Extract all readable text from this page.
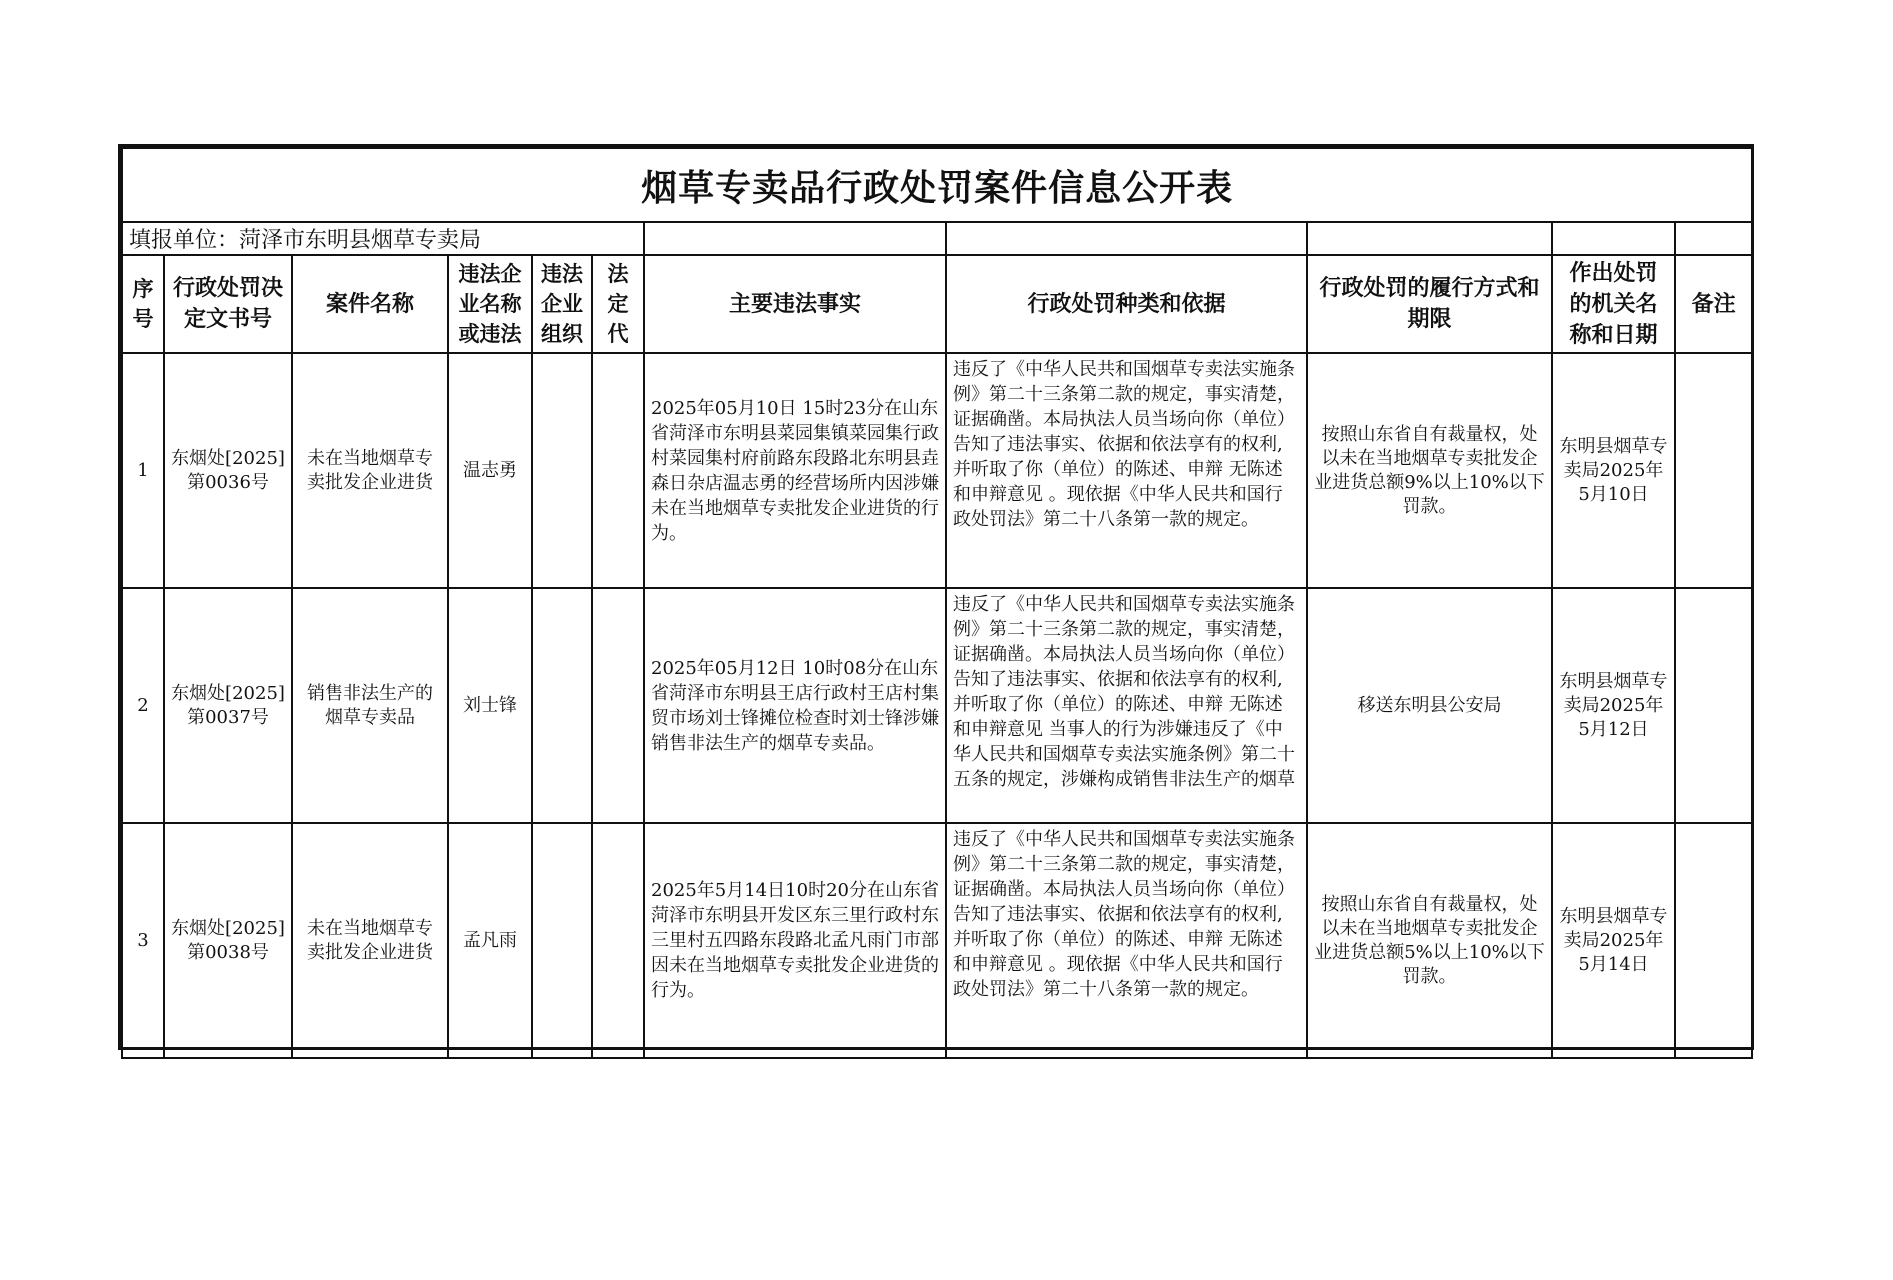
烟草专卖品行政处罚案件信息公开表										
填报单位：菏泽市东明县烟草专卖局										
序号	行政处罚决定文书号	案件名称	违法企业名称或违法	违法企业组织	法定代	主要违法事实	行政处罚种类和依据	行政处罚的履行方式和期限	作出处罚的机关名称和日期	备注
1	东烟处[2025]第0036号	未在当地烟草专卖批发企业进货	温志勇			2025年05月10日 15时23分在山东省菏泽市东明县菜园集镇菜园集行政村菜园集村府前路东段路北东明县垚森日杂店温志勇的经营场所内因涉嫌未在当地烟草专卖批发企业进货的行为。	违反了《中华人民共和国烟草专卖法实施条例》第二十三条第二款的规定，事实清楚，证据确凿。本局执法人员当场向你（单位）告知了违法事实、依据和依法享有的权利,并听取了你（单位）的陈述、申辩 无陈述和申辩意见 。现依据《中华人民共和国行政处罚法》第二十八条第一款的规定。	按照山东省自有裁量权，处以未在当地烟草专卖批发企业进货总额9%以上10%以下罚款。	东明县烟草专卖局2025年5月10日	
2	东烟处[2025]第0037号	销售非法生产的烟草专卖品	刘士锋			2025年05月12日 10时08分在山东省菏泽市东明县王店行政村王店村集贸市场刘士锋摊位检查时刘士锋涉嫌销售非法生产的烟草专卖品。	违反了《中华人民共和国烟草专卖法实施条例》第二十三条第二款的规定，事实清楚，证据确凿。本局执法人员当场向你（单位）告知了违法事实、依据和依法享有的权利,并听取了你（单位）的陈述、申辩 无陈述和申辩意见 当事人的行为涉嫌违反了《中华人民共和国烟草专卖法实施条例》第二十五条的规定，涉嫌构成销售非法生产的烟草	移送东明县公安局	东明县烟草专卖局2025年5月12日	
3	东烟处[2025]第0038号	未在当地烟草专卖批发企业进货	孟凡雨			2025年5月14日10时20分在山东省菏泽市东明县开发区东三里行政村东三里村五四路东段路北孟凡雨门市部因未在当地烟草专卖批发企业进货的行为。	违反了《中华人民共和国烟草专卖法实施条例》第二十三条第二款的规定，事实清楚，证据确凿。本局执法人员当场向你（单位）告知了违法事实、依据和依法享有的权利,并听取了你（单位）的陈述、申辩 无陈述和申辩意见 。现依据《中华人民共和国行政处罚法》第二十八条第一款的规定。	按照山东省自有裁量权，处以未在当地烟草专卖批发企业进货总额5%以上10%以下罚款。	东明县烟草专卖局2025年5月14日	
